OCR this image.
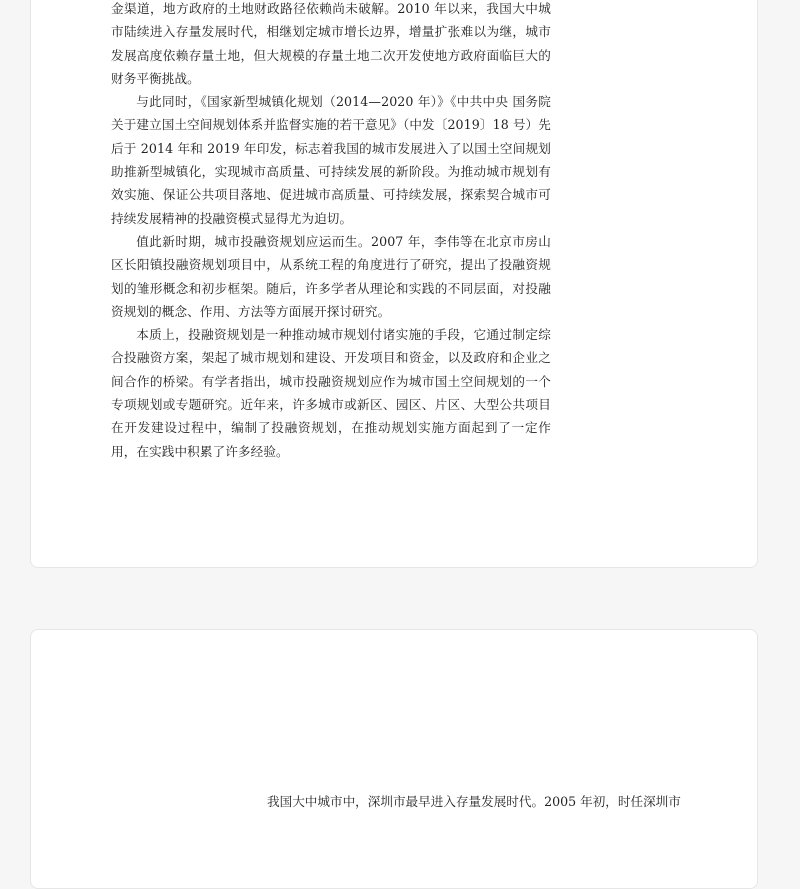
金渠道，地方政府的土地财政路径依赖尚未破解。2010 年以来，我国大中城市陆续进入存量发展时代，相继划定城市增长边界，增量扩张难以为继，城市发展高度依赖存量土地，但大规模的存量土地二次开发使地方政府面临巨大的财务平衡挑战。

与此同时，《国家新型城镇化规划（2014—2020 年）》《中共中央 国务院关于建立国土空间规划体系并监督实施的若干意见》（中发〔2019〕18 号）先后于 2014 年和 2019 年印发，标志着我国的城市发展进入了以国土空间规划助推新型城镇化，实现城市高质量、可持续发展的新阶段。为推动城市规划有效实施、保证公共项目落地、促进城市高质量、可持续发展，探索契合城市可持续发展精神的投融资模式显得尤为迫切。

值此新时期，城市投融资规划应运而生。2007 年，李伟等在北京市房山区长阳镇投融资规划项目中，从系统工程的角度进行了研究，提出了投融资规划的雏形概念和初步框架。随后，许多学者从理论和实践的不同层面，对投融资规划的概念、作用、方法等方面展开探讨研究。

本质上，投融资规划是一种推动城市规划付诸实施的手段，它通过制定综合投融资方案，架起了城市规划和建设、开发项目和资金，以及政府和企业之间合作的桥梁。有学者指出，城市投融资规划应作为城市国土空间规划的一个专项规划或专题研究。近年来，许多城市或新区、园区、片区、大型公共项目在开发建设过程中，编制了投融资规划，在推动规划实施方面起到了一定作用，在实践中积累了许多经验。

我国大中城市中，深圳市最早进入存量发展时代。2005 年初，时任深圳市
